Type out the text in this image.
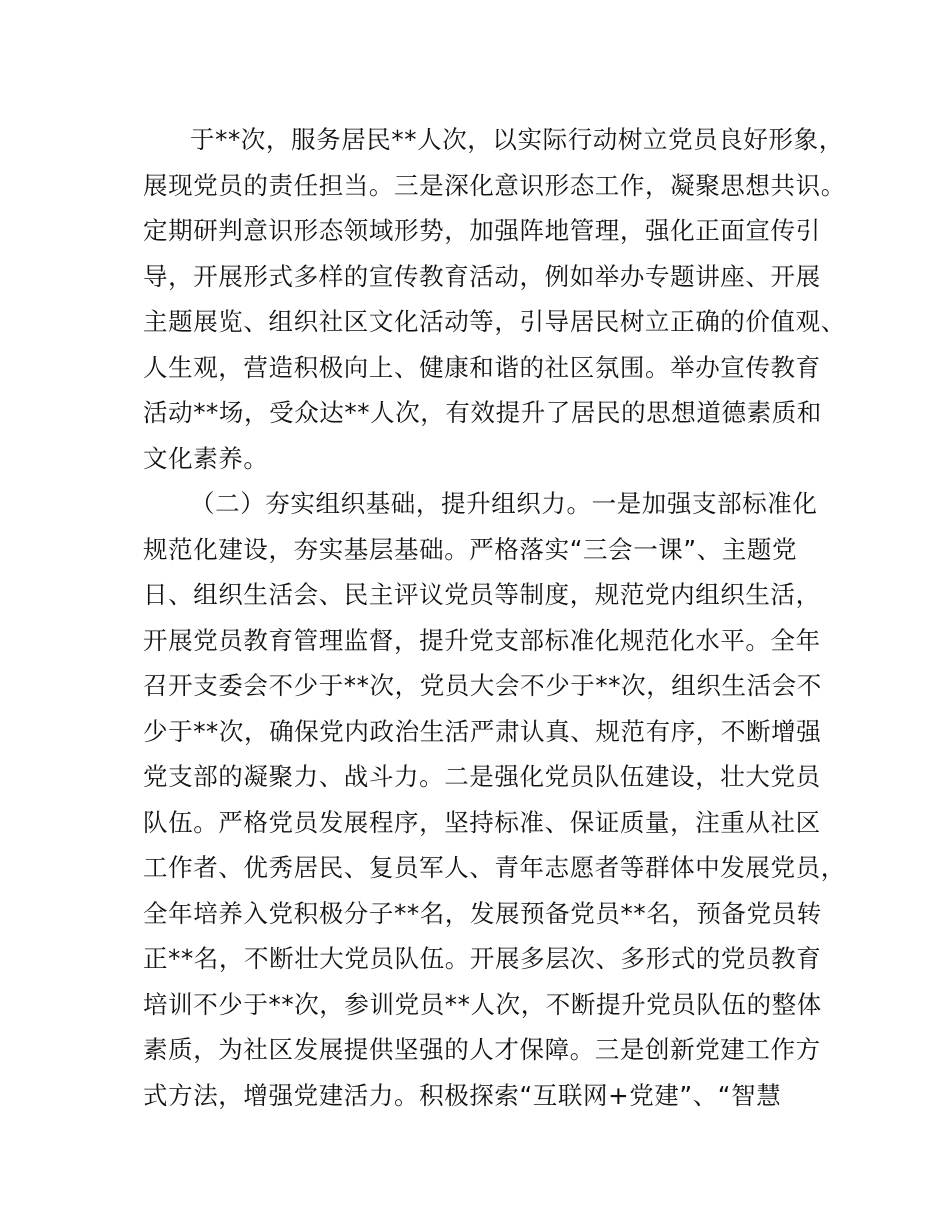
于**次，服务居民**人次，以实际行动树立党员良好形象，
展现党员的责任担当。三是深化意识形态工作，凝聚思想共识。
定期研判意识形态领域形势，加强阵地管理，强化正面宣传引
导，开展形式多样的宣传教育活动，例如举办专题讲座、开展
主题展览、组织社区文化活动等，引导居民树立正确的价值观、
人生观，营造积极向上、健康和谐的社区氛围。举办宣传教育
活动**场，受众达**人次，有效提升了居民的思想道德素质和
文化素养。
（二）夯实组织基础，提升组织力。一是加强支部标准化
规范化建设，夯实基层基础。严格落实“三会一课”、主题党
日、组织生活会、民主评议党员等制度，规范党内组织生活，
开展党员教育管理监督，提升党支部标准化规范化水平。全年
召开支委会不少于**次，党员大会不少于**次，组织生活会不
少于**次，确保党内政治生活严肃认真、规范有序，不断增强
党支部的凝聚力、战斗力。二是强化党员队伍建设，壮大党员
队伍。严格党员发展程序，坚持标准、保证质量，注重从社区
工作者、优秀居民、复员军人、青年志愿者等群体中发展党员，
全年培养入党积极分子**名，发展预备党员**名，预备党员转
正**名，不断壮大党员队伍。开展多层次、多形式的党员教育
培训不少于**次，参训党员**人次，不断提升党员队伍的整体
素质，为社区发展提供坚强的人才保障。三是创新党建工作方
式方法，增强党建活力。积极探索“互联网+党建”、“智慧
